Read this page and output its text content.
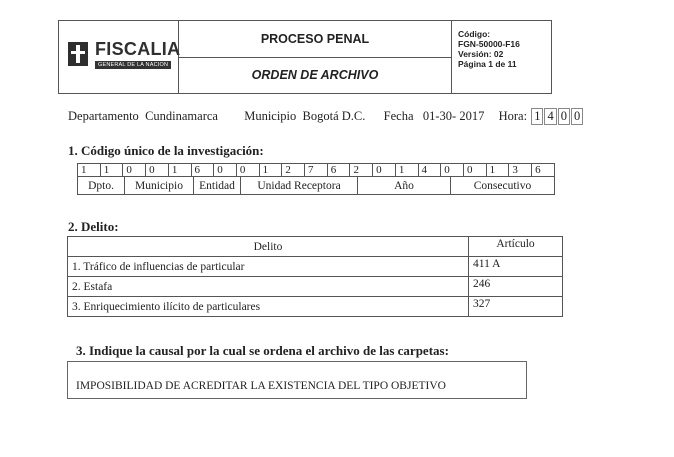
FISCALIA
GENERAL DE LA NACION
PROCESO PENAL
ORDEN DE ARCHIVO
Código:
FGN-50000-F16
Versión: 02
Página 1 de 11
Departamento Cundinamarca Municipio Bogotá D.C. Fecha 01-30- 2017 Hora: 1 4 0 0
1. Código único de la investigación:
1	1	0	0	1	6	0	0	1	2	7	6	2	0	1	4	0	0	1	3	6
Dpto.	Municipio	Entidad	Unidad Receptora	Año	Consecutivo
2. Delito:
Delito	Artículo
1. Tráfico de influencias de particular	411 A
2. Estafa	246
3. Enriquecimiento ilícito de particulares	327
3. Indique la causal por la cual se ordena el archivo de las carpetas:
IMPOSIBILIDAD DE ACREDITAR LA EXISTENCIA DEL TIPO OBJETIVO
